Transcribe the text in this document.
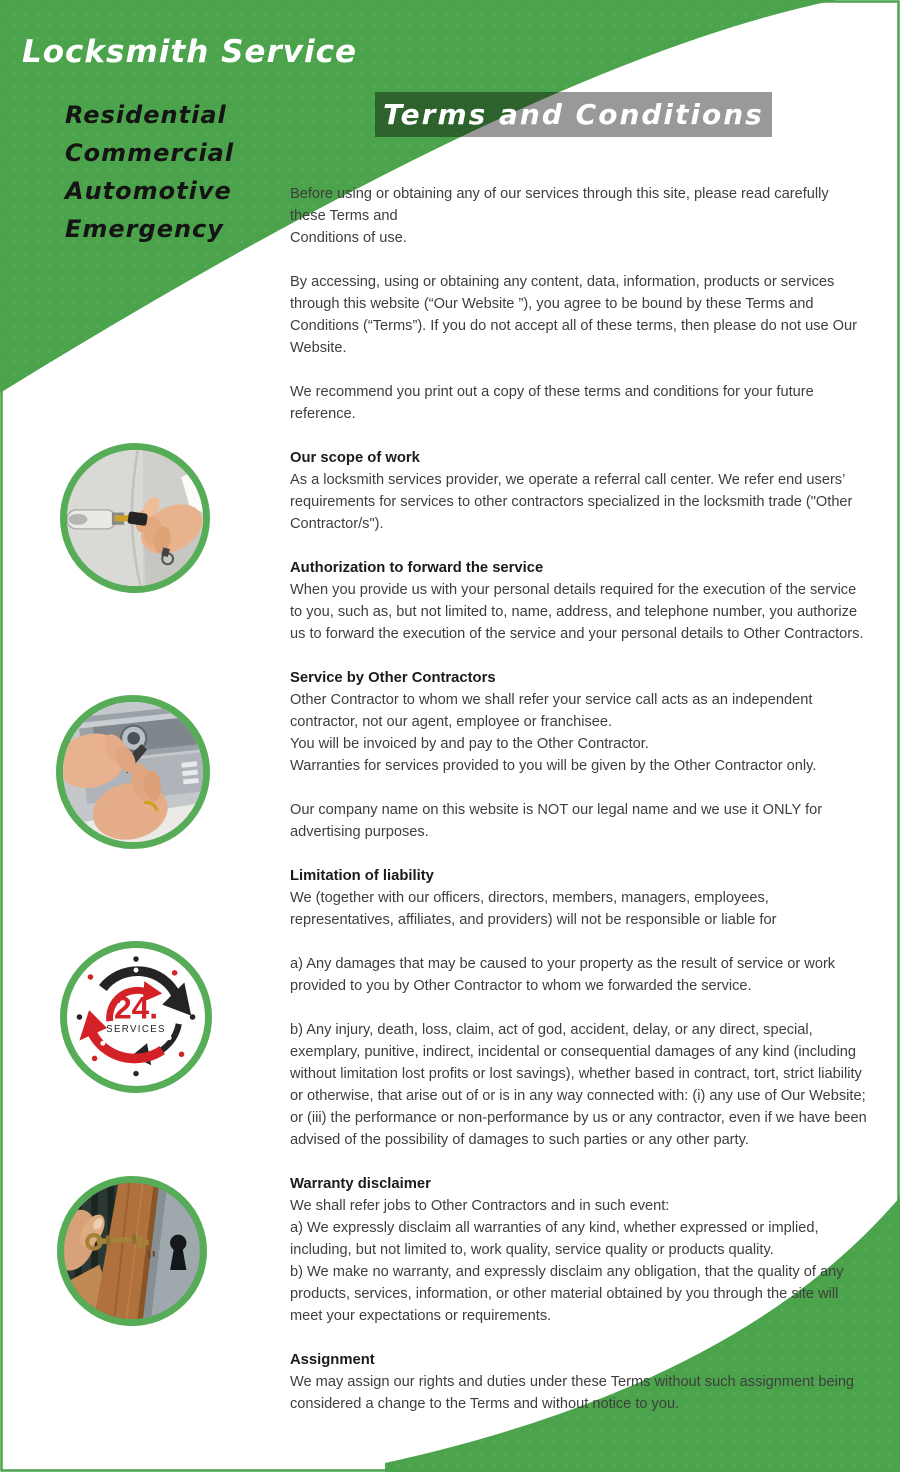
Locksmith Service
Residential
Commercial
Automotive
Emergency
Terms and Conditions
24.
SERVICES
Before using or obtaining any of our services through this site, please read carefully these Terms and
Conditions of use.
By accessing, using or obtaining any content, data, information, products or services through this website (“Our Website ”), you agree to be bound by these Terms and Conditions (“Terms”). If you do not accept all of these terms, then please do not use Our Website.
We recommend you print out a copy of these terms and conditions for your future reference.
Our scope of work
As a locksmith services provider, we operate a referral call center. We refer end users’ requirements for services to other contractors specialized in the locksmith trade ("Other Contractor/s").
Authorization to forward the service
When you provide us with your personal details required for the execution of the service to you, such as, but not limited to, name, address, and telephone number, you authorize us to forward the execution of the service and your personal details to Other Contractors.
Service by Other Contractors
Other Contractor to whom we shall refer your service call acts as an independent contractor, not our agent, employee or franchisee.
You will be invoiced by and pay to the Other Contractor.
Warranties for services provided to you will be given by the Other Contractor only.
Our company name on this website is NOT our legal name and we use it ONLY for advertising purposes.
Limitation of liability
We (together with our officers, directors, members, managers, employees, representatives, affiliates, and providers) will not be responsible or liable for
a) Any damages that may be caused to your property as the result of service or work provided to you by Other Contractor to whom we forwarded the service.
b) Any injury, death, loss, claim, act of god, accident, delay, or any direct, special, exemplary, punitive, indirect, incidental or consequential damages of any kind (including without limitation lost profits or lost savings), whether based in contract, tort, strict liability or otherwise, that arise out of or is in any way connected with: (i) any use of Our Website; or (iii) the performance or non-performance by us or any contractor, even if we have been advised of the possibility of damages to such parties or any other party.
Warranty disclaimer
We shall refer jobs to Other Contractors and in such event:
a) We expressly disclaim all warranties of any kind, whether expressed or implied, including, but not limited to, work quality, service quality or products quality.
b) We make no warranty, and expressly disclaim any obligation, that the quality of any products, services, information, or other material obtained by you through the site will meet your expectations or requirements.
Assignment
We may assign our rights and duties under these Terms without such assignment being considered a change to the Terms and without notice to you.
